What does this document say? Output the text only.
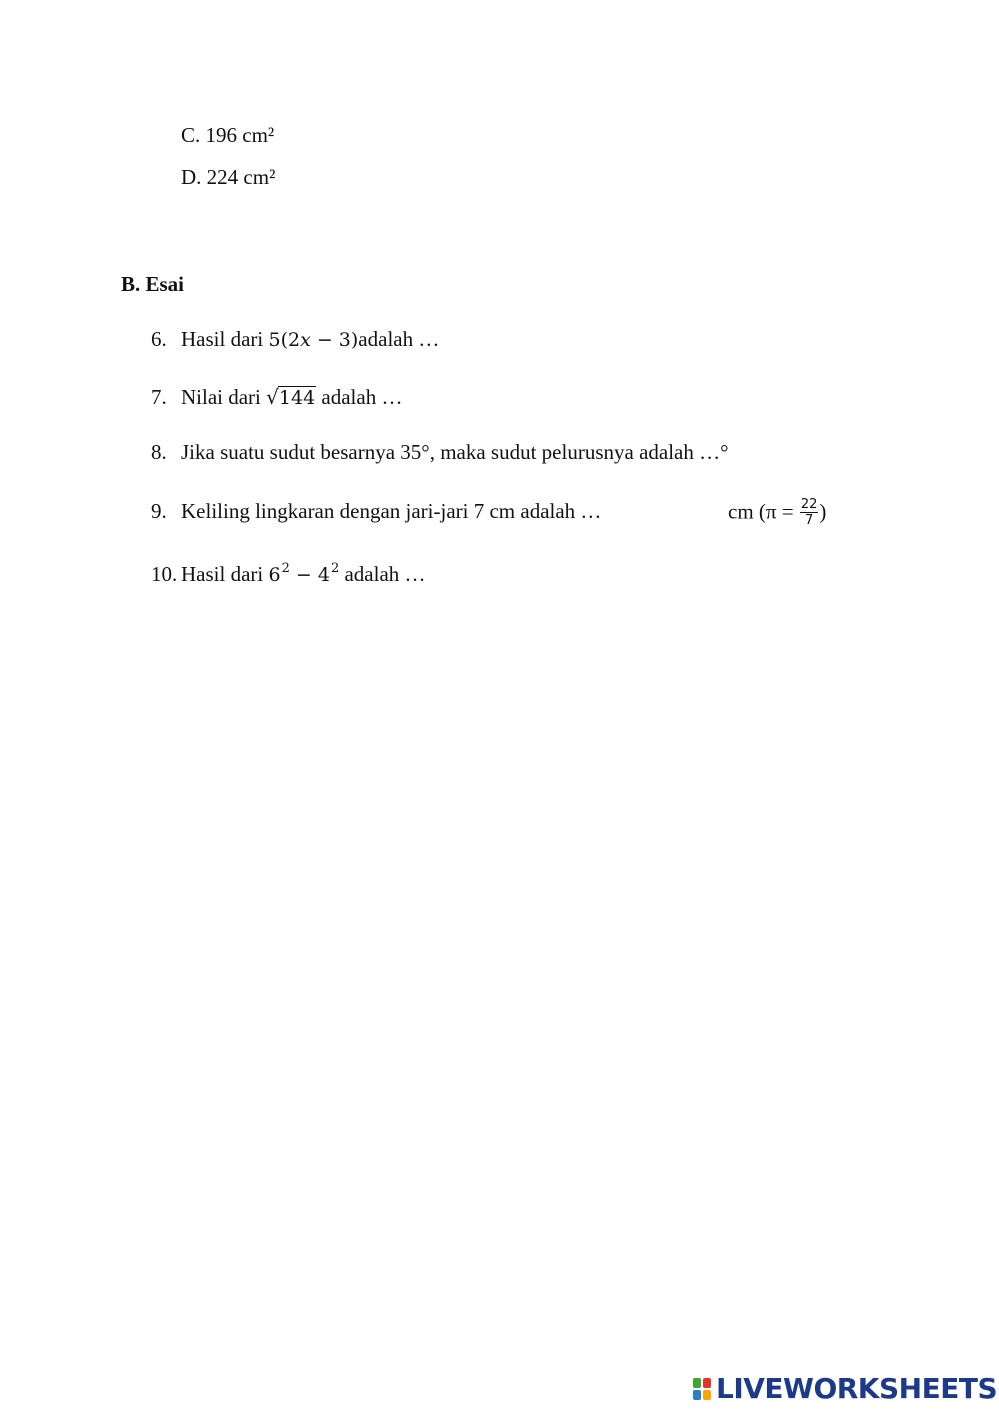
C. 196 cm²
D. 224 cm²
B. Esai
6. Hasil dari 5(2x − 3)adalah …
7. Nilai dari √144 adalah …
8. Jika suatu sudut besarnya 35°, maka sudut pelurusnya adalah …°
9. Keliling lingkaran dengan jari-jari 7 cm adalah …	cm ($\pi = \frac{22}{7}$ )
10. Hasil dari $6^2 - 4^2$ adalah …
LIVEWORKSHEETS
